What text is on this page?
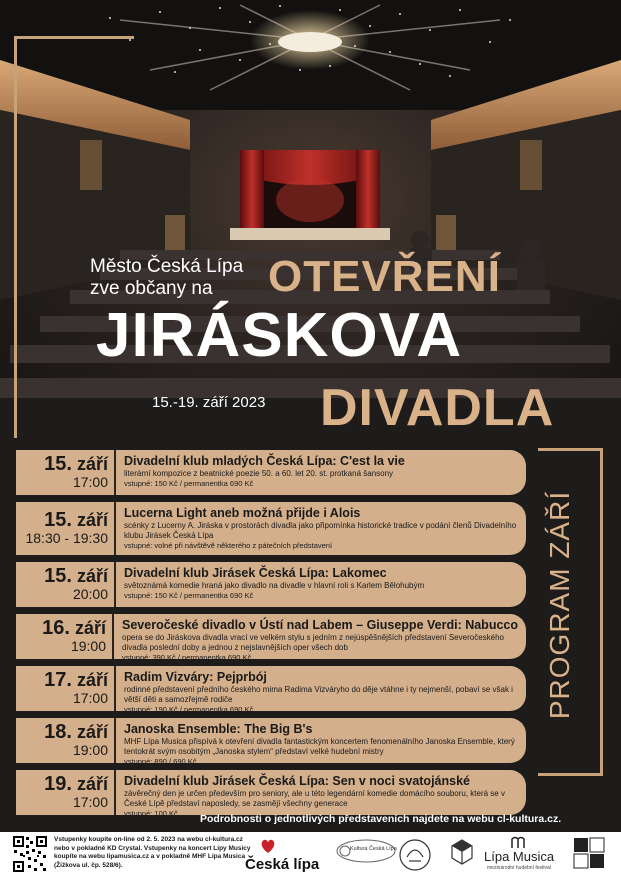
Město Česká Lípa
zve občany na	OTEVŘENÍ
JIRÁSKOVA
15.-19. září 2023 DIVADLA
PROGRAM ZÁŘÍ
15. září
17:00
Divadelní klub mladých Česká Lípa: C'est la vie
literární kompozice z beatnické poezie 50. a 60. let 20. st. protkaná šansony
vstupné: 150 Kč / permanentka 690 Kč
15. září
18:30 - 19:30
Lucerna Light aneb možná přijde i Alois
scénky z Lucerny A. Jiráska v prostorách divadla jako připomínka historické tradice v podání členů Divadelního klubu Jirásek Česká Lípa
vstupné: volné při návštěvě některého z pátečních představení
15. září
20:00
Divadelní klub Jirásek Česká Lípa: Lakomec
světoznámá komedie hraná jako divadlo na divadle v hlavní roli s Karlem Bělohubým
vstupné: 150 Kč / permanentka 690 Kč
16. září
19:00
Severočeské divadlo v Ústí nad Labem – Giuseppe Verdi: Nabucco
opera se do Jiráskova divadla vrací ve velkém stylu s jedním z nejúspěšnějších představení Severočeského divadla poslední doby a jednou z nejslavnějších oper všech dob
vstupné: 390 Kč / permanentka 690 Kč
17. září
17:00
Radim Vizváry: Pejprbój
rodinné představení předního českého mima Radima Vizváryho do děje vtáhne i ty nejmenší, pobaví se však i větší děti a samozřejmě rodiče
vstupné: 190 Kč / permanentka 690 Kč
18. září
19:00
Janoska Ensemble: The Big B's
MHF Lípa Musica přispívá k otevření divadla fantastickým koncertem fenomenálního Janoska Ensemble, který tentokrát svým osobitým „Janoska stylem“ představí velké hudební mistry
vstupné: 890 / 690 Kč
19. září
17:00
Divadelní klub Jirásek Česká Lípa: Sen v noci svatojánské
závěrečný den je určen především pro seniory, ale u této legendární komedie domácího souboru, která se v České Lípě představí naposledy, se zasmějí všechny generace
vstupné: 100 Kč	Podrobnosti o jednotlivých představeních najdete na webu cl-kultura.cz.
Vstupenky koupíte on-line od 2. 5. 2023 na webu cl-kultura.cz
nebo v pokladně KD Crystal. Vstupenky na koncert Lípy Musicy
koupíte na webu lipamusica.cz a v pokladně MHF Lípa Musica
(Žižkova ul. čp. 528/6).	Česká lípa
Kultura Česká Lípa	Lípa Musica
mezinárodní hudební festival
